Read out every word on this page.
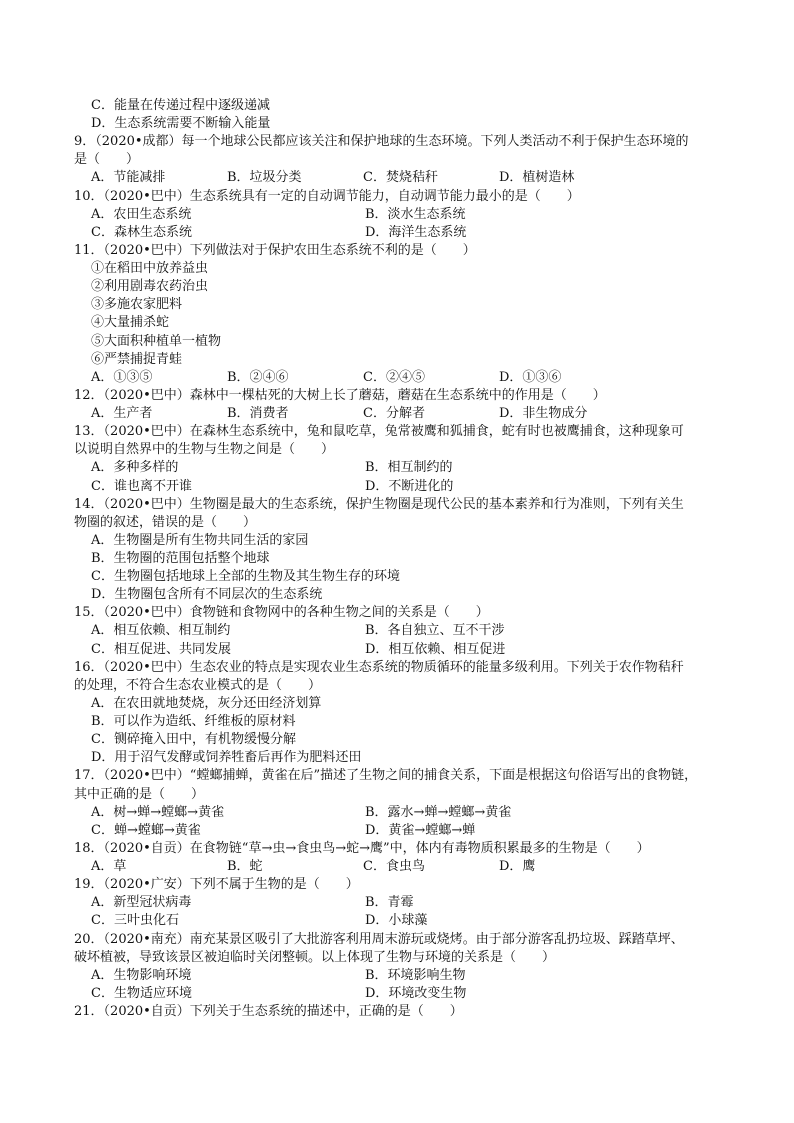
C．能量在传递过程中逐级递减
D．生态系统需要不断输入能量
9．（2020•成都）每一个地球公民都应该关注和保护地球的生态环境。下列人类活动不利于保护生态环境的
是（　　）
A．节能减排	B．垃圾分类	C．焚烧秸秆	D．植树造林
10．（2020•巴中）生态系统具有一定的自动调节能力，自动调节能力最小的是（　　）
A．农田生态系统	B．淡水生态系统
C．森林生态系统	D．海洋生态系统
11．（2020•巴中）下列做法对于保护农田生态系统不利的是（　　）
①在稻田中放养益虫
②利用剧毒农药治虫
③多施农家肥料
④大量捕杀蛇
⑤大面积种植单一植物
⑥严禁捕捉青蛙
A．①③⑤	B．②④⑥	C．②④⑤	D．①③⑥
12．（2020•巴中）森林中一棵枯死的大树上长了蘑菇，蘑菇在生态系统中的作用是（　　）
A．生产者	B．消费者	C．分解者	D．非生物成分
13．（2020•巴中）在森林生态系统中，兔和鼠吃草，兔常被鹰和狐捕食，蛇有时也被鹰捕食，这种现象可
以说明自然界中的生物与生物之间是（　　）
A．多种多样的	B．相互制约的
C．谁也离不开谁	D．不断进化的
14．（2020•巴中）生物圈是最大的生态系统，保护生物圈是现代公民的基本素养和行为准则，下列有关生
物圈的叙述，错误的是（　　）
A．生物圈是所有生物共同生活的家园
B．生物圈的范围包括整个地球
C．生物圈包括地球上全部的生物及其生物生存的环境
D．生物圈包含所有不同层次的生态系统
15．（2020•巴中）食物链和食物网中的各种生物之间的关系是（　　）
A．相互依赖、相互制约	B．各自独立、互不干涉
C．相互促进、共同发展	D．相互依赖、相互促进
16．（2020•巴中）生态农业的特点是实现农业生态系统的物质循环的能量多级利用。下列关于农作物秸秆
的处理，不符合生态农业模式的是（　　）
A．在农田就地焚烧，灰分还田经济划算
B．可以作为造纸、纤维板的原材料
C．铡碎掩入田中，有机物缓慢分解
D．用于沼气发酵或饲养牲畜后再作为肥料还田
17．（2020•巴中）“螳螂捕蝉，黄雀在后”描述了生物之间的捕食关系，下面是根据这句俗语写出的食物链，
其中正确的是（　　）
A．树→蝉→螳螂→黄雀	B．露水→蝉→螳螂→黄雀
C．蝉→螳螂→黄雀	D．黄雀→螳螂→蝉
18．（2020•自贡）在食物链“草→虫→食虫鸟→蛇→鹰”中，体内有毒物质积累最多的生物是（　　）
A．草	B．蛇	C．食虫鸟	D．鹰
19．（2020•广安）下列不属于生物的是（　　）
A．新型冠状病毒	B．青霉
C．三叶虫化石	D．小球藻
20．（2020•南充）南充某景区吸引了大批游客利用周末游玩或烧烤。由于部分游客乱扔垃圾、踩踏草坪、
破坏植被，导致该景区被迫临时关闭整顿。以上体现了生物与环境的关系是（　　）
A．生物影响环境	B．环境影响生物
C．生物适应环境	D．环境改变生物
21．（2020•自贡）下列关于生态系统的描述中，正确的是（　　）
